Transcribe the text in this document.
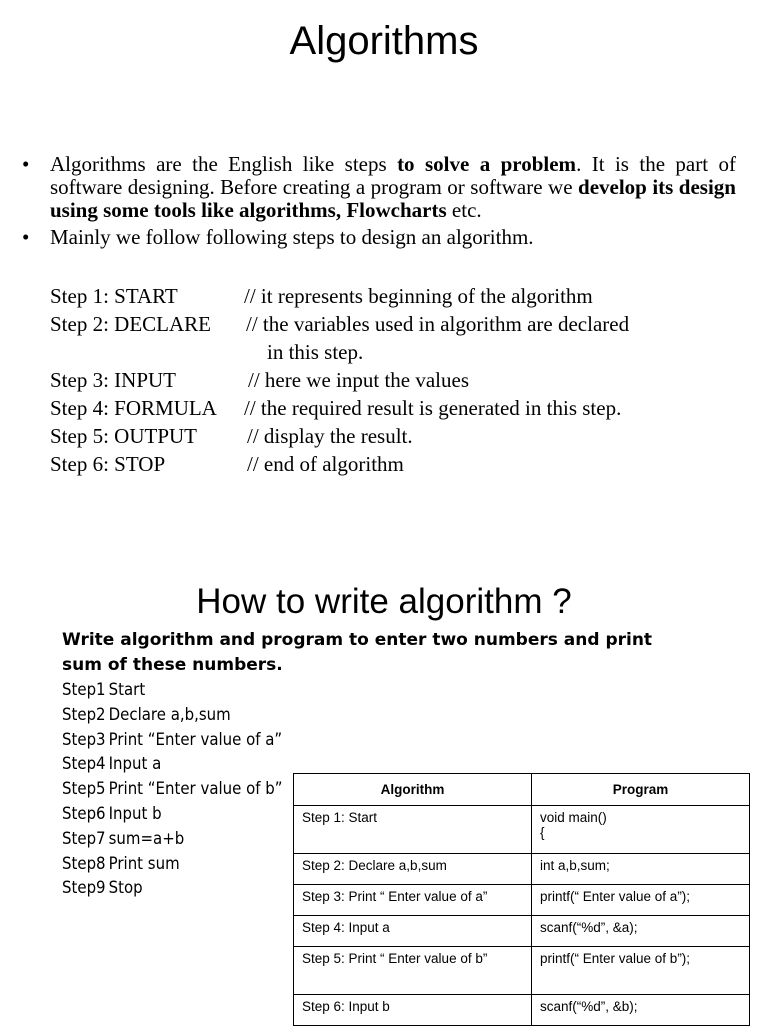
Algorithms
• Algorithms are the English like steps to solve a problem. It is the part of software designing. Before creating a program or software we develop its design using some tools like algorithms, Flowcharts etc.
• Mainly we follow following steps to design an algorithm.
Step 1: START	// it represents beginning of the algorithm
Step 2: DECLARE // the variables used in algorithm are declared
in this step.
Step 3: INPUT	// here we input the values
Step 4: FORMULA // the required result is generated in this step.
Step 5: OUTPUT // display the result.
Step 6: STOP	// end of algorithm
How to write algorithm ?
Write algorithm and program to enter two numbers and print
sum of these numbers.
Step1 Start
Step2 Declare a,b,sum
Step3 Print “Enter value of a”
Step4 Input a
Step5 Print “Enter value of b”
Step6 Input b
Step7 sum=a+b
Step8 Print sum
Step9 Stop
Algorithm	Program
Step 1: Start	void main()
{

Step 2: Declare a,b,sum	int a,b,sum;
Step 3: Print “ Enter value of a”	printf(“ Enter value of a”);
Step 4: Input a	scanf(“%d”, &a);
Step 5: Print “ Enter value of b”	printf(“ Enter value of b”);
Step 6: Input b	scanf(“%d”, &b);
